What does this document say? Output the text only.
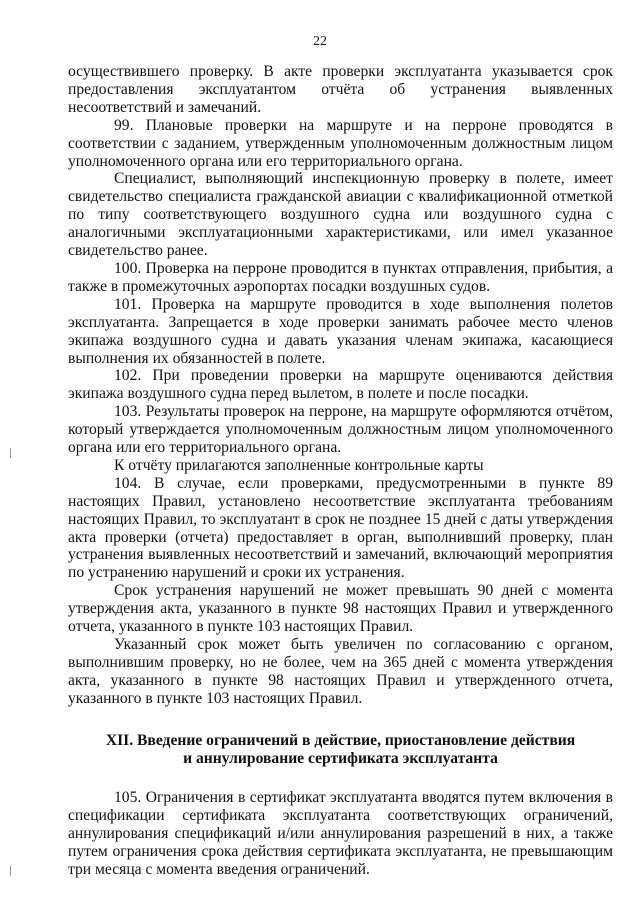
22

осуществившего проверку. В акте проверки эксплуатанта указывается срок предоставления эксплуатантом отчёта об устранения выявленных несоответствий и замечаний.

99. Плановые проверки на маршруте и на перроне проводятся в соответствии с заданием, утвержденным уполномоченным должностным лицом уполномоченного органа или его территориального органа.

Специалист, выполняющий инспекционную проверку в полете, имеет свидетельство специалиста гражданской авиации с квалификационной отметкой по типу соответствующего воздушного судна или воздушного судна с аналогичными эксплуатационными характеристиками, или имел указанное свидетельство ранее.

100. Проверка на перроне проводится в пунктах отправления, прибытия, а также в промежуточных аэропортах посадки воздушных судов.

101. Проверка на маршруте проводится в ходе выполнения полетов эксплуатанта. Запрещается в ходе проверки занимать рабочее место членов экипажа воздушного судна и давать указания членам экипажа, касающиеся выполнения их обязанностей в полете.

102. При проведении проверки на маршруте оцениваются действия экипажа воздушного судна перед вылетом, в полете и после посадки.

103. Результаты проверок на перроне, на маршруте оформляются отчётом, который утверждается уполномоченным должностным лицом уполномоченного органа или его территориального органа.

К отчёту прилагаются заполненные контрольные карты

104. В случае, если проверками, предусмотренными в пункте 89 настоящих Правил, установлено несоответствие эксплуатанта требованиям настоящих Правил, то эксплуатант в срок не позднее 15 дней с даты утверждения акта проверки (отчета) предоставляет в орган, выполнивший проверку, план устранения выявленных несоответствий и замечаний, включающий мероприятия по устранению нарушений и сроки их устранения.

Срок устранения нарушений не может превышать 90 дней с момента утверждения акта, указанного в пункте 98 настоящих Правил и утвержденного отчета, указанного в пункте 103 настоящих Правил.

Указанный срок может быть увеличен по согласованию с органом, выполнившим проверку, но не более, чем на 365 дней с момента утверждения акта, указанного в пункте 98 настоящих Правил и утвержденного отчета, указанного в пункте 103 настоящих Правил.

XII. Введение ограничений в действие, приостановление действия
и аннулирование сертификата эксплуатанта

105. Ограничения в сертификат эксплуатанта вводятся путем включения в спецификации сертификата эксплуатанта соответствующих ограничений, аннулирования спецификаций и/или аннулирования разрешений в них, а также путем ограничения срока действия сертификата эксплуатанта, не превышающим три месяца с момента введения ограничений.
